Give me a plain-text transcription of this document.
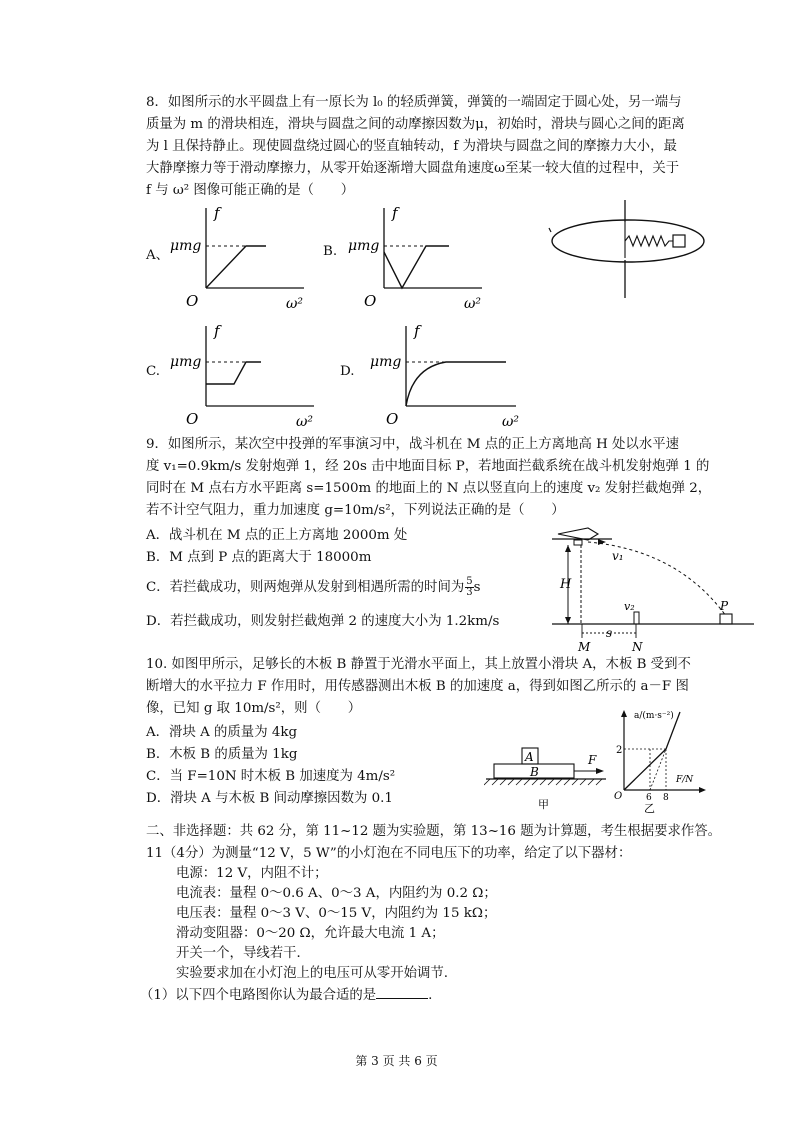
8．如图所示的水平圆盘上有一原长为 l₀ 的轻质弹簧，弹簧的一端固定于圆心处，另一端与
质量为 m 的滑块相连，滑块与圆盘之间的动摩擦因数为μ，初始时，滑块与圆心之间的距离
为 l 且保持静止。现使圆盘绕过圆心的竖直轴转动，f 为滑块与圆盘之间的摩擦力大小，最
大静摩擦力等于滑动摩擦力，从零开始逐渐增大圆盘角速度ω至某一较大值的过程中，关于
f 与 ω² 图像可能正确的是（　　）
A、	B.
C.	D.
f
μmg
O	ω²
f
μmg
O	ω²
f
μmg
O	ω²
f
μmg
O	ω²
9．如图所示，某次空中投弹的军事演习中，战斗机在 M 点的正上方离地高 H 处以水平速
度 v₁=0.9km/s 发射炮弹 1，经 20s 击中地面目标 P，若地面拦截系统在战斗机发射炮弹 1 的
同时在 M 点右方水平距离 s=1500m 的地面上的 N 点以竖直向上的速度 v₂ 发射拦截炮弹 2，
若不计空气阻力，重力加速度 g=10m/s²，下列说法正确的是（　　）
A．战斗机在 M 点的正上方离地 2000m 处
B．M 点到 P 点的距离大于 18000m
C．若拦截成功，则两炮弹从发射到相遇所需的时间为 $\frac{5}{3}$ s
D．若拦截成功，则发射拦截炮弹 2 的速度大小为 1.2km/s
H
v₁
P
v₂
s
M	N
10. 如图甲所示，足够长的木板 B 静置于光滑水平面上，其上放置小滑块 A，木板 B 受到不
断增大的水平拉力 F 作用时，用传感器测出木板 B 的加速度 a，得到如图乙所示的 a－F 图
像，已知 g 取 10m/s²，则（　　）
A．滑块 A 的质量为 4kg
B．木板 B 的质量为 1kg
C．当 F=10N 时木板 B 加速度为 4m/s²
D．滑块 A 与木板 B 间动摩擦因数为 0.1
A
B
F
甲
a/(m·s⁻²)
2
F/N
O	6 8
乙
二、非选择题：共 62 分，第 11~12 题为实验题，第 13~16 题为计算题，考生根据要求作答。
11（4分）为测量“12 V，5 W”的小灯泡在不同电压下的功率，给定了以下器材：
电源：12 V，内阻不计；
电流表：量程 0～0.6 A、0～3 A，内阻约为 0.2 Ω；
电压表：量程 0～3 V、0～15 V，内阻约为 15 kΩ；
滑动变阻器：0～20 Ω，允许最大电流 1 A；
开关一个，导线若干．
实验要求加在小灯泡上的电压可从零开始调节.
（1）以下四个电路图你认为最合适的是	.
第 3 页 共 6 页
